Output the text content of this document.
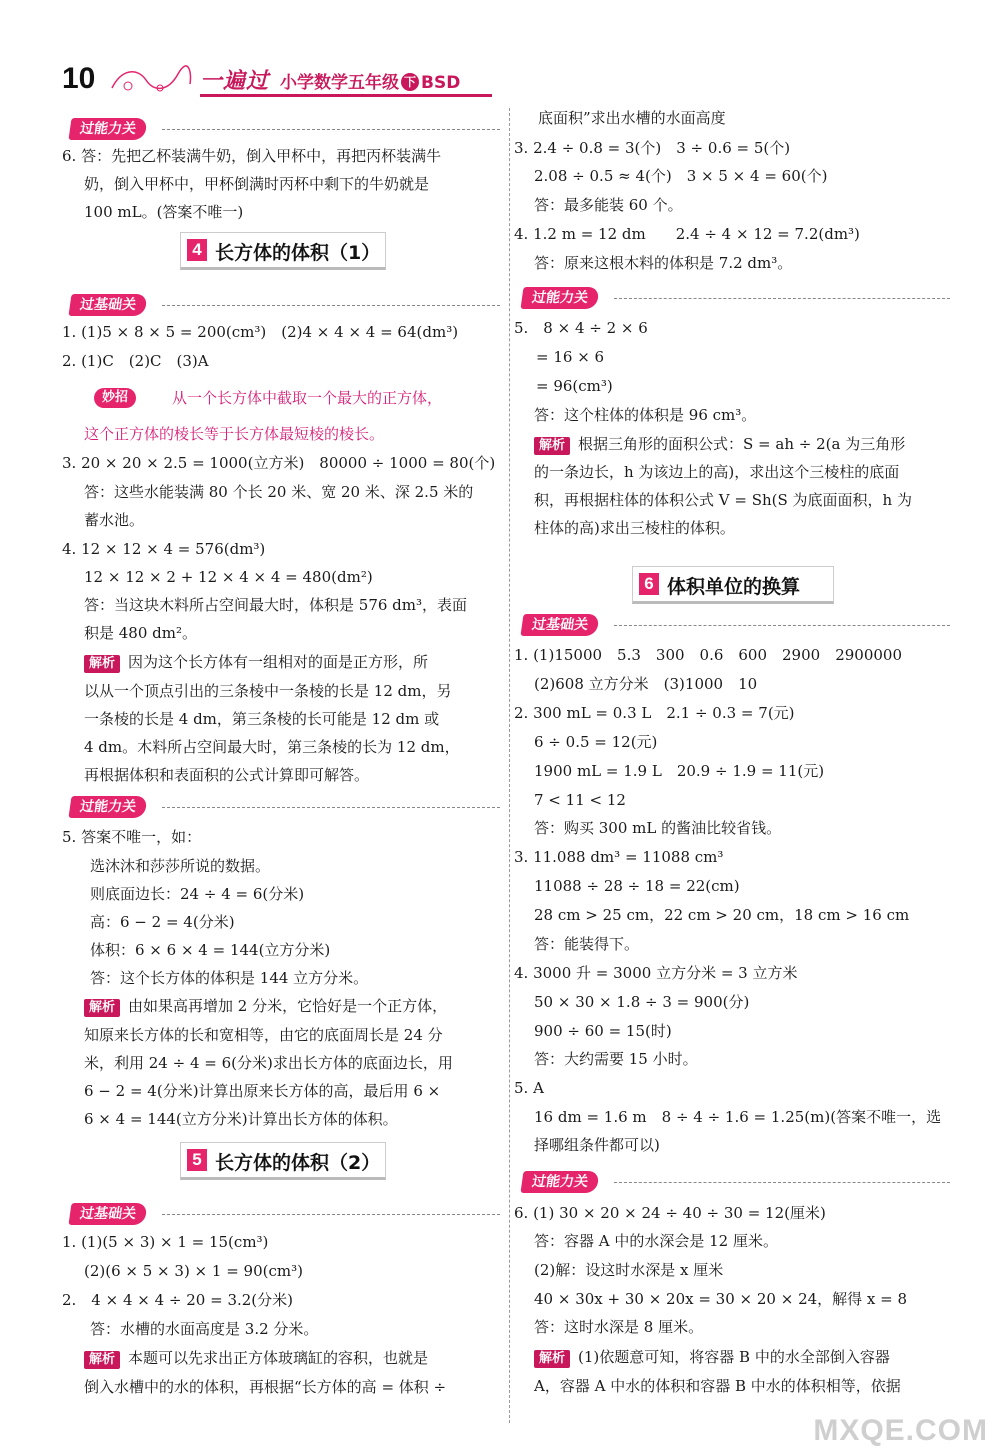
10	一遍过 小学数学五年级 下 BSD
过能力关
6. 答：先把乙杯装满牛奶，倒入甲杯中，再把丙杯装满牛
奶，倒入甲杯中，甲杯倒满时丙杯中剩下的牛奶就是
100 mL。(答案不唯一)
4 长方体的体积（1）
过基础关
1. (1)5 × 8 × 5 = 200(cm³)　(2)4 × 4 × 4 = 64(dm³)
2. (1)C　(2)C　(3)A
妙招	从一个长方体中截取一个最大的正方体，
这个正方体的棱长等于长方体最短棱的棱长。
3. 20 × 20 × 2.5 = 1000(立方米)　80000 ÷ 1000 = 80(个)
答：这些水能装满 80 个长 20 米、宽 20 米、深 2.5 米的
蓄水池。
4. 12 × 12 × 4 = 576(dm³)
12 × 12 × 2 + 12 × 4 × 4 = 480(dm²)
答：当这块木料所占空间最大时，体积是 576 dm³，表面
积是 480 dm²。
解析 因为这个长方体有一组相对的面是正方形，所
以从一个顶点引出的三条棱中一条棱的长是 12 dm，另
一条棱的长是 4 dm，第三条棱的长可能是 12 dm 或
4 dm。木料所占空间最大时，第三条棱的长为 12 dm，
再根据体积和表面积的公式计算即可解答。
过能力关
5. 答案不唯一，如：
选沐沐和莎莎所说的数据。
则底面边长：24 ÷ 4 = 6(分米)
高：6 − 2 = 4(分米)
体积：6 × 6 × 4 = 144(立方分米)
答：这个长方体的体积是 144 立方分米。
解析 由如果高再增加 2 分米，它恰好是一个正方体，
知原来长方体的长和宽相等，由它的底面周长是 24 分
米，利用 24 ÷ 4 = 6(分米)求出长方体的底面边长，用
6 − 2 = 4(分米)计算出原来长方体的高，最后用 6 ×
6 × 4 = 144(立方分米)计算出长方体的体积。
5 长方体的体积（2）
过基础关
1. (1)(5 × 3) × 1 = 15(cm³)
(2)(6 × 5 × 3) × 1 = 90(cm³)
2.　4 × 4 × 4 ÷ 20 = 3.2(分米)
答：水槽的水面高度是 3.2 分米。
解析 本题可以先求出正方体玻璃缸的容积，也就是
倒入水槽中的水的体积，再根据“长方体的高 = 体积 ÷
底面积”求出水槽的水面高度
3. 2.4 ÷ 0.8 = 3(个)　3 ÷ 0.6 = 5(个)
2.08 ÷ 0.5 ≈ 4(个)　3 × 5 × 4 = 60(个)
答：最多能装 60 个。
4. 1.2 m = 12 dm　　2.4 ÷ 4 × 12 = 7.2(dm³)
答：原来这根木料的体积是 7.2 dm³。
过能力关
5.　8 × 4 ÷ 2 × 6
= 16 × 6
= 96(cm³)
答：这个柱体的体积是 96 cm³。
解析 根据三角形的面积公式：S = ah ÷ 2(a 为三角形
的一条边长，h 为该边上的高)，求出这个三棱柱的底面
积，再根据柱体的体积公式 V = Sh(S 为底面面积，h 为
柱体的高)求出三棱柱的体积。
6 体积单位的换算
过基础关
1. (1)15000　5.3　300　0.6　600　2900　2900000
(2)608 立方分米　(3)1000　10
2. 300 mL = 0.3 L　2.1 ÷ 0.3 = 7(元)
6 ÷ 0.5 = 12(元)
1900 mL = 1.9 L　20.9 ÷ 1.9 = 11(元)
7 < 11 < 12
答：购买 300 mL 的酱油比较省钱。
3. 11.088 dm³ = 11088 cm³
11088 ÷ 28 ÷ 18 = 22(cm)
28 cm > 25 cm，22 cm > 20 cm，18 cm > 16 cm
答：能装得下。
4. 3000 升 = 3000 立方分米 = 3 立方米
50 × 30 × 1.8 ÷ 3 = 900(分)
900 ÷ 60 = 15(时)
答：大约需要 15 小时。
5. A
16 dm = 1.6 m　8 ÷ 4 ÷ 1.6 = 1.25(m)(答案不唯一，选
择哪组条件都可以)
过能力关
6. (1) 30 × 20 × 24 ÷ 40 ÷ 30 = 12(厘米)
答：容器 A 中的水深会是 12 厘米。
(2)解：设这时水深是 x 厘米
40 × 30x + 30 × 20x = 30 × 20 × 24，解得 x = 8
答：这时水深是 8 厘米。
解析 (1)依题意可知，将容器 B 中的水全部倒入容器
A，容器 A 中水的体积和容器 B 中水的体积相等，依据
MXQE.COM
